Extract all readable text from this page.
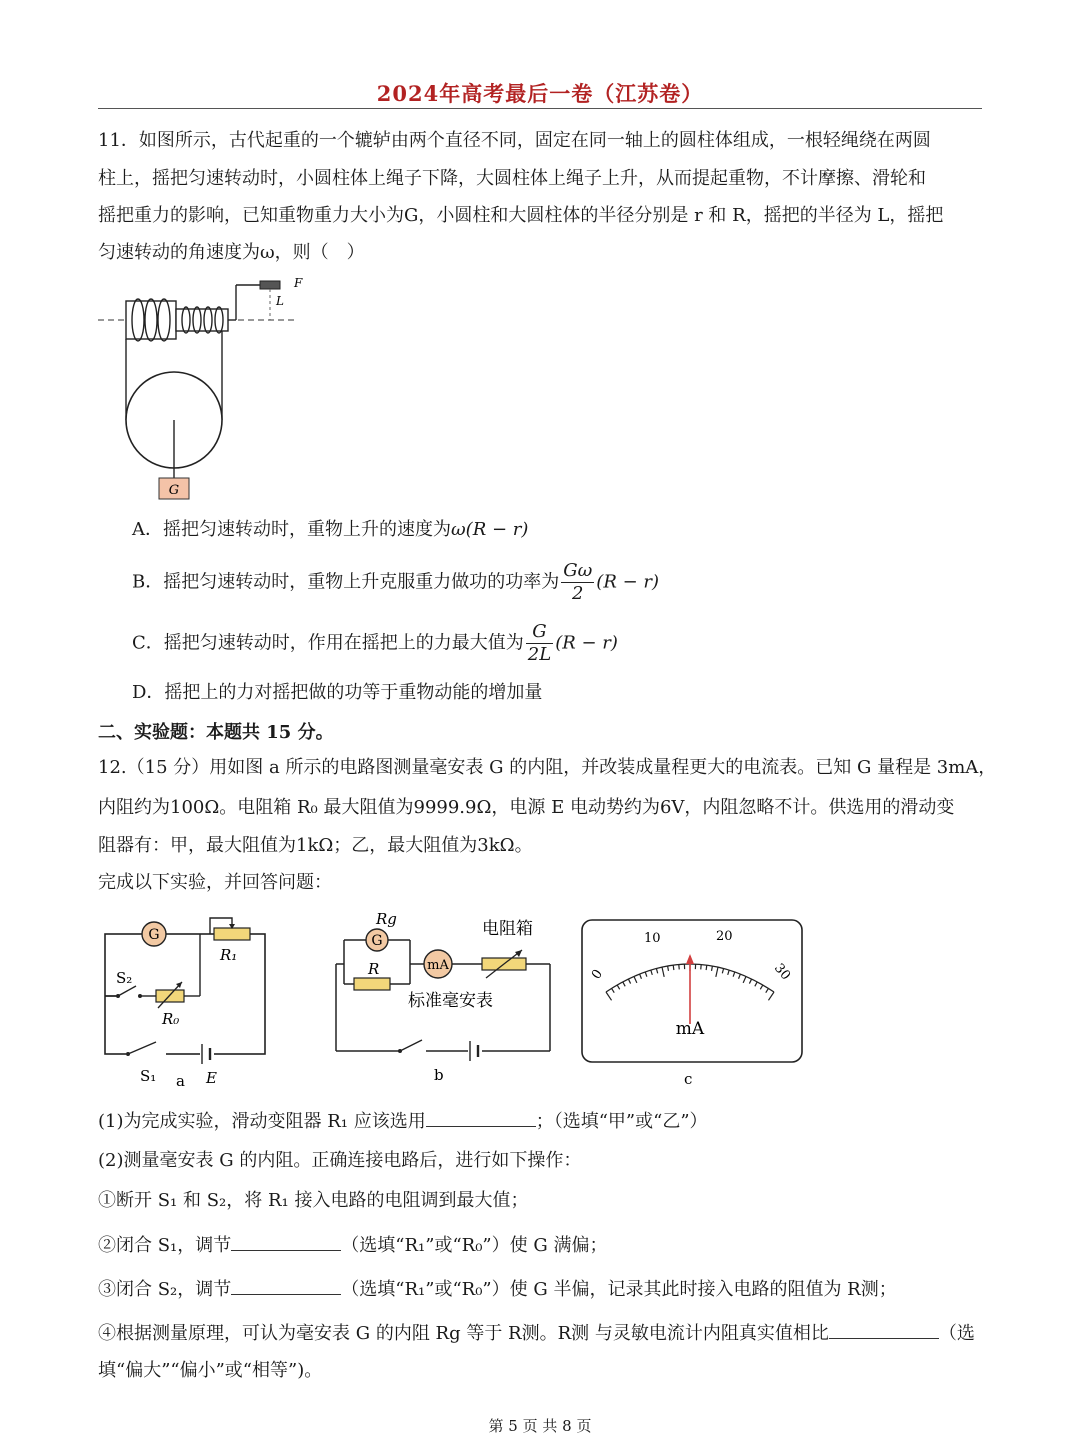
2024年高考最后一卷（江苏卷）
11．如图所示，古代起重的一个辘轳由两个直径不同，固定在同一轴上的圆柱体组成，一根轻绳绕在两圆
柱上，摇把匀速转动时，小圆柱体上绳子下降，大圆柱体上绳子上升，从而提起重物，不计摩擦、滑轮和
摇把重力的影响，已知重物重力大小为G，小圆柱和大圆柱体的半径分别是 r 和 R，摇把的半径为 L，摇把
匀速转动的角速度为ω，则（　）
F
L
G
A．摇把匀速转动时，重物上升的速度为ω(R − r)
B．摇把匀速转动时，重物上升克服重力做功的功率为 $\frac{G\omega}{2} (R - r)$
C．摇把匀速转动时，作用在摇把上的力最大值为 $\frac{G}{2L} (R - r)$
D．摇把上的力对摇把做的功等于重物动能的增加量
二、实验题：本题共 15 分。
12.（15 分）用如图 a 所示的电路图测量毫安表 G 的内阻，并改装成量程更大的电流表。已知 G 量程是 3mA，
内阻约为100Ω。电阻箱 R₀ 最大阻值为9999.9Ω，电源 E 电动势约为6V，内阻忽略不计。供选用的滑动变
阻器有：甲，最大阻值为1kΩ；乙，最大阻值为3kΩ。
完成以下实验，并回答问题：
G
R₁
S₂
R₀
S₁ a E
G
Rg
R	mA
电阻箱
标准毫安表
b
0
10	20
30
mA
c
(1)为完成实验，滑动变阻器 R₁ 应该选用	；（选填“甲”或“乙”）
(2)测量毫安表 G 的内阻。正确连接电路后，进行如下操作：
①断开 S₁ 和 S₂，将 R₁ 接入电路的电阻调到最大值；
②闭合 S₁，调节	（选填“R₁”或“R₀”）使 G 满偏；
③闭合 S₂，调节	（选填“R₁”或“R₀”）使 G 半偏，记录其此时接入电路的阻值为 R测；
④根据测量原理，可认为毫安表 G 的内阻 Rg 等于 R测。R测 与灵敏电流计内阻真实值相比	（选
填“偏大”“偏小”或“相等”)。
第 5 页 共 8 页
